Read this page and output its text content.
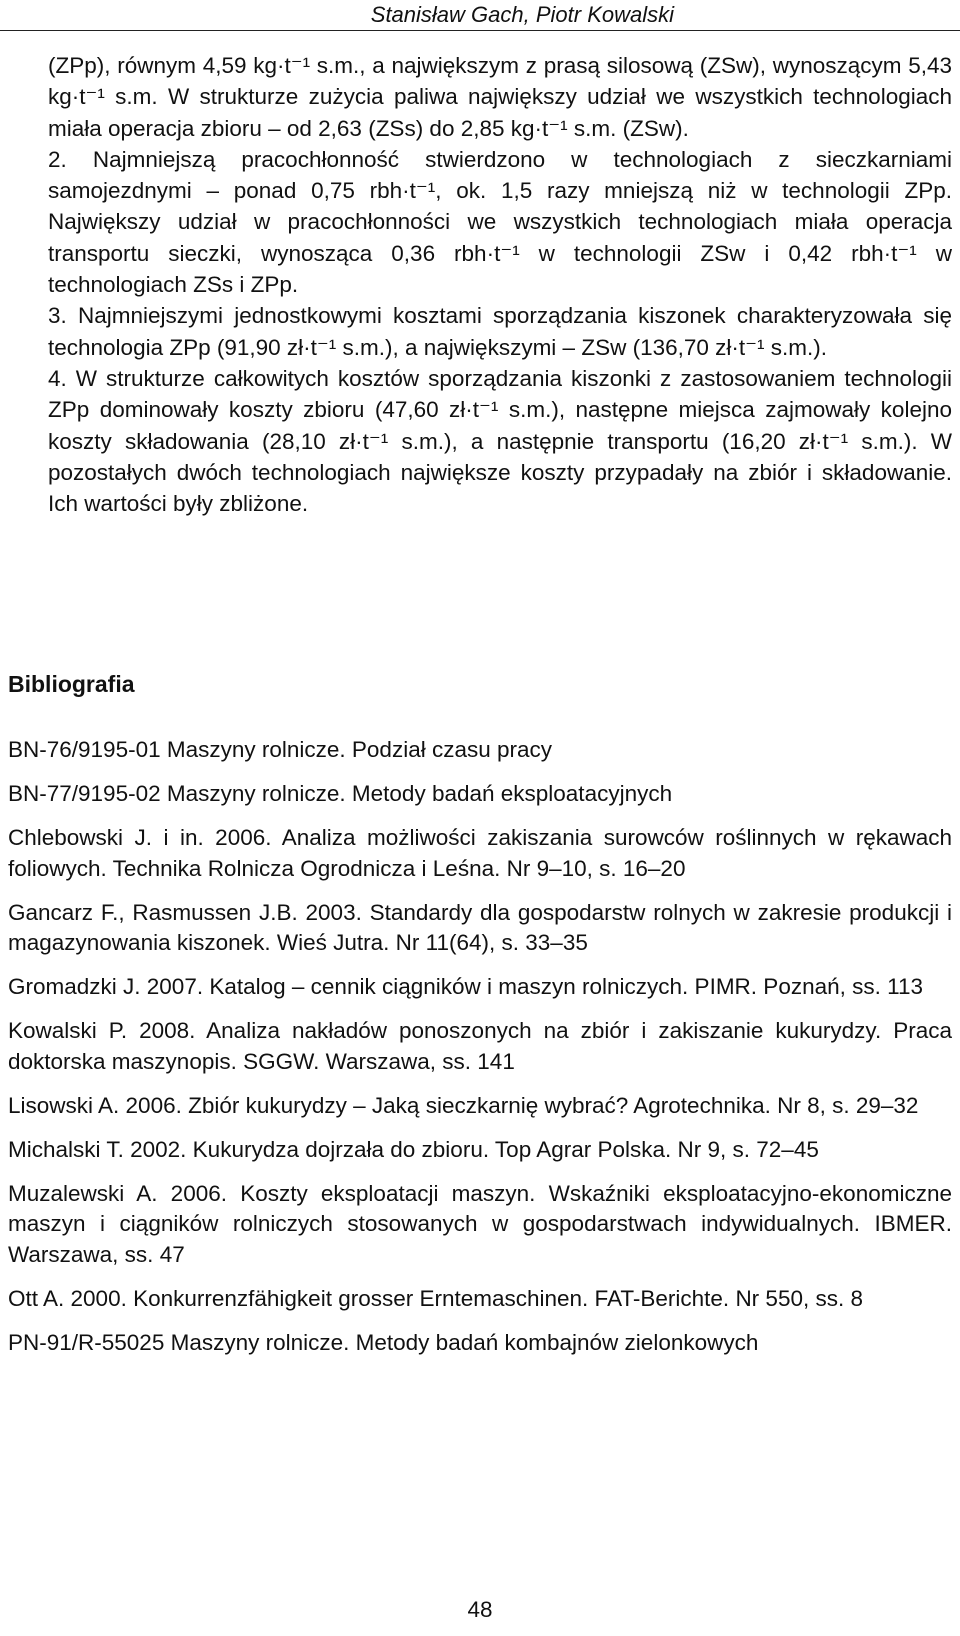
Stanisław Gach, Piotr Kowalski

(ZPp), równym 4,59 kg·t⁻¹ s.m., a największym z prasą silosową (ZSw), wynoszącym 5,43 kg·t⁻¹ s.m. W strukturze zużycia paliwa największy udział we wszystkich technologiach miała operacja zbioru – od 2,63 (ZSs) do 2,85 kg·t⁻¹ s.m. (ZSw).

2. Najmniejszą pracochłonność stwierdzono w technologiach z sieczkarniami samojezdnymi – ponad 0,75 rbh·t⁻¹, ok. 1,5 razy mniejszą niż w technologii ZPp. Największy udział w pracochłonności we wszystkich technologiach miała operacja transportu sieczki, wynosząca 0,36 rbh·t⁻¹ w technologii ZSw i 0,42 rbh·t⁻¹ w technologiach ZSs i ZPp.

3. Najmniejszymi jednostkowymi kosztami sporządzania kiszonek charakteryzowała się technologia ZPp (91,90 zł·t⁻¹ s.m.), a największymi – ZSw (136,70 zł·t⁻¹ s.m.).

4. W strukturze całkowitych kosztów sporządzania kiszonki z zastosowaniem technologii ZPp dominowały koszty zbioru (47,60 zł·t⁻¹ s.m.), następne miejsca zajmowały kolejno koszty składowania (28,10 zł·t⁻¹ s.m.), a następnie transportu (16,20 zł·t⁻¹ s.m.). W pozostałych dwóch technologiach największe koszty przypadały na zbiór i składowanie. Ich wartości były zbliżone.

Bibliografia
BN-76/9195-01 Maszyny rolnicze. Podział czasu pracy
BN-77/9195-02 Maszyny rolnicze. Metody badań eksploatacyjnych
Chlebowski J. i in. 2006. Analiza możliwości zakiszania surowców roślinnych w rękawach foliowych. Technika Rolnicza Ogrodnicza i Leśna. Nr 9–10, s. 16–20
Gancarz F., Rasmussen J.B. 2003. Standardy dla gospodarstw rolnych w zakresie produkcji i magazynowania kiszonek. Wieś Jutra. Nr 11(64), s. 33–35
Gromadzki J. 2007. Katalog – cennik ciągników i maszyn rolniczych. PIMR. Poznań, ss. 113
Kowalski P. 2008. Analiza nakładów ponoszonych na zbiór i zakiszanie kukurydzy. Praca doktorska maszynopis. SGGW. Warszawa, ss. 141
Lisowski A. 2006. Zbiór kukurydzy – Jaką sieczkarnię wybrać? Agrotechnika. Nr 8, s. 29–32
Michalski T. 2002. Kukurydza dojrzała do zbioru. Top Agrar Polska. Nr 9, s. 72–45
Muzalewski A. 2006. Koszty eksploatacji maszyn. Wskaźniki eksploatacyjno-ekonomiczne maszyn i ciągników rolniczych stosowanych w gospodarstwach indywidualnych. IBMER. Warszawa, ss. 47
Ott A. 2000. Konkurrenzfähigkeit grosser Erntemaschinen. FAT-Berichte. Nr 550, ss. 8
PN-91/R-55025 Maszyny rolnicze. Metody badań kombajnów zielonkowych
48
